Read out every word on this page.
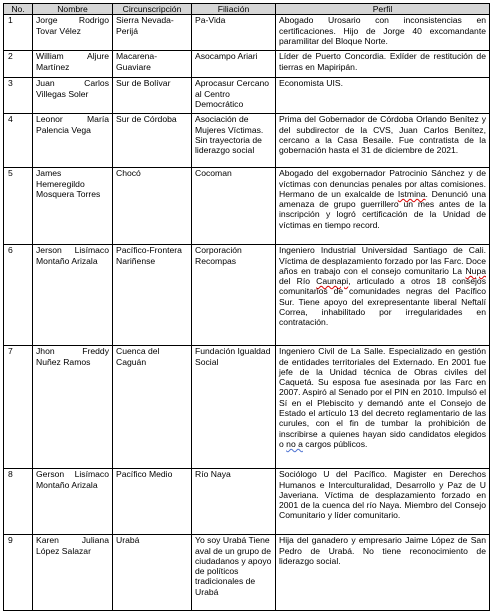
No.	Nombre	Circunscripción	Filiación	Perfil
1	Jorge Rodrigo Tovar Vélez	Sierra Nevada-Perijá	Pa-Vida	Abogado Urosario con inconsistencias en certificaciones. Hijo de Jorge 40 excomandante paramilitar del Bloque Norte.
2	William Aljure Martínez	Macarena-Guaviare	Asocampo Ariari	Líder de Puerto Concordia. Exlíder de restitución de tierras en Mapiripán.
3	Juan Carlos Villegas Soler	Sur de Bolívar	Aprocasur Cercano al Centro Democrático	Economista UIS.
4	Leonor María Palencia Vega	Sur de Córdoba	Asociación de Mujeres Víctimas. Sin trayectoria de liderazgo social	Prima del Gobernador de Córdoba Orlando Benítez y del subdirector de la CVS, Juan Carlos Benítez, cercano a la Casa Besaile. Fue contratista de la gobernación hasta el 31 de diciembre de 2021.
5	James Hemeregildo Mosquera Torres	Chocó	Cocoman	Abogado del exgobernador Patrocinio Sánchez y de víctimas con denuncias penales por altas comisiones. Hermano de un exalcalde de Istmina. Denunció una amenaza de grupo guerrillero un mes antes de la inscripción y logró certificación de la Unidad de víctimas en tiempo record.
6	Jerson Lisímaco Montaño Arizala	Pacífico-Frontera Nariñense	Corporación Recompas	Ingeniero Industrial Universidad Santiago de Cali. Víctima de desplazamiento forzado por las Farc. Doce años en trabajo con el consejo comunitario La Nupa del Río Caunapi, articulado a otros 18 consejos comunitarios de comunidades negras del Pacífico Sur. Tiene apoyo del exrepresentante liberal Neftalí Correa, inhabilitado por irregularidades en contratación.
7	Jhon Freddy Nuñez Ramos	Cuenca del Caguán	Fundación Igualdad Social	Ingeniero Civil de La Salle. Especializado en gestión de entidades territoriales del Externado. En 2001 fue jefe de la Unidad técnica de Obras civiles del Caquetá. Su esposa fue asesinada por las Farc en 2007. Aspiró al Senado por el PIN en 2010. Impulsó el Sí en el Plebiscito y demandó ante el Consejo de Estado el artículo 13 del decreto reglamentario de las curules, con el fin de tumbar la prohibición de inscribirse a quienes hayan sido candidatos elegidos o no a cargos públicos.
8	Gerson Lisímaco Montaño Arizala	Pacífico Medio	Río Naya	Sociólogo U del Pacífico. Magister en Derechos Humanos e Interculturalidad, Desarrollo y Paz de U Javeriana. Víctima de desplazamiento forzado en 2001 de la cuenca del río Naya. Miembro del Consejo Comunitario y líder comunitario.
9	Karen Juliana López Salazar	Urabá	Yo soy Urabá Tiene aval de un grupo de ciudadanos y apoyo de políticos tradicionales de Urabá	Hija del ganadero y empresario Jaime López de San Pedro de Urabá. No tiene reconocimiento de liderazgo social.
